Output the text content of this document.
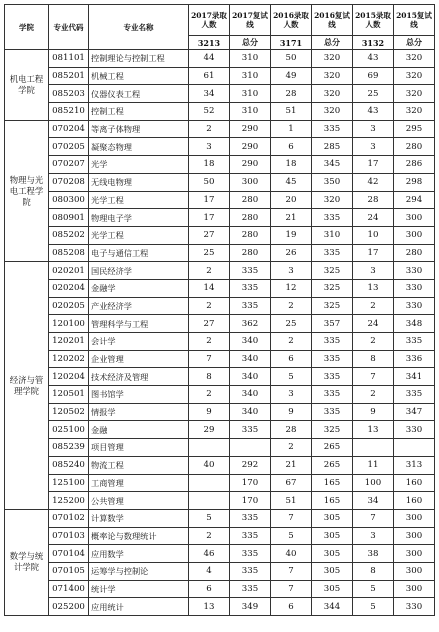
学院	专业代码	专业名称	2017录取人数	2017复试线	2016录取人数	2016复试线	2015录取人数	2015复试线
			3213	总分	3171	总分	3132	总分
机电工程学院	081101	控制理论与控制工程	44	310	50	320	43	320
	085201	机械工程	61	310	49	320	69	320
	085203	仪器仪表工程	34	310	28	320	25	320
	085210	控制工程	52	310	51	320	43	320
物理与光电工程学院	070204	等离子体物理	2	290	1	335	3	295
	070205	凝聚态物理	3	290	6	285	3	280
	070207	光学	18	290	18	345	17	286
	070208	无线电物理	50	300	45	350	42	298
	080300	光学工程	17	280	20	320	28	294
	080901	物理电子学	17	280	21	335	24	300
	085202	光学工程	27	280	19	310	10	300
	085208	电子与通信工程	25	280	26	335	17	280
经济与管理学院	020201	国民经济学	2	335	3	325	3	330
	020204	金融学	14	335	12	325	13	330
	020205	产业经济学	2	335	2	325	2	330
	120100	管理科学与工程	27	362	25	357	24	348
	120201	会计学	2	340	2	335	2	335
	120202	企业管理	7	340	6	335	8	336
	120204	技术经济及管理	8	340	5	335	7	341
	120501	图书馆学	2	340	3	335	2	335
	120502	情报学	9	340	9	335	9	347
	025100	金融	29	335	28	325	13	330
	085239	项目管理			2	265		
	085240	物流工程	40	292	21	265	11	313
	125100	工商管理		170	67	165	100	160
	125200	公共管理		170	51	165	34	160
数学与统计学院	070102	计算数学	5	335	7	305	7	300
	070103	概率论与数理统计	2	335	5	305	3	300
	070104	应用数学	46	335	40	305	38	300
	070105	运筹学与控制论	4	335	7	305	8	300
	071400	统计学	6	335	7	305	5	300
	025200	应用统计	13	349	6	344	5	330
